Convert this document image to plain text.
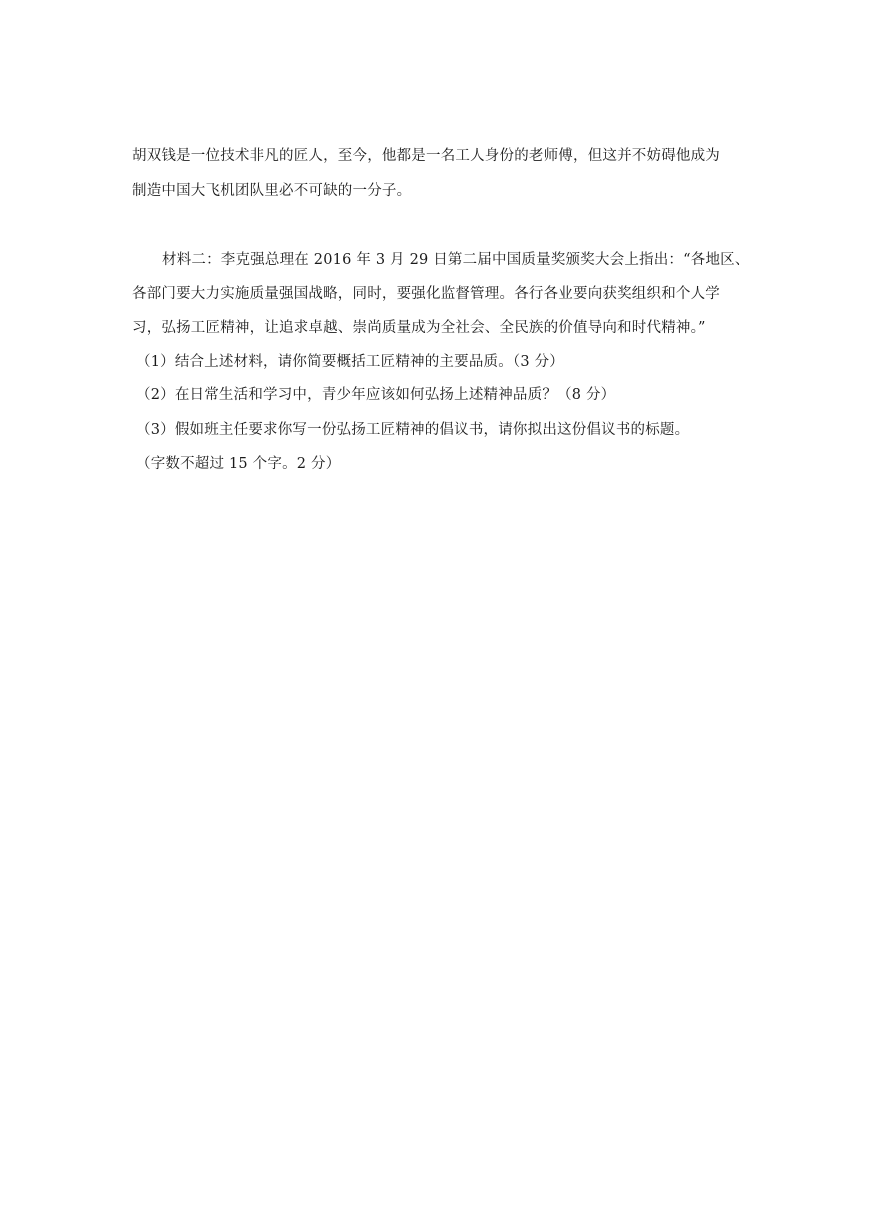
胡双钱是一位技术非凡的匠人，至今，他都是一名工人身份的老师傅，但这并不妨碍他成为
制造中国大飞机团队里必不可缺的一分子。
材料二：李克强总理在 2016 年 3 月 29 日第二届中国质量奖颁奖大会上指出：“各地区、
各部门要大力实施质量强国战略，同时，要强化监督管理。各行各业要向获奖组织和个人学
习，弘扬工匠精神，让追求卓越、崇尚质量成为全社会、全民族的价值导向和时代精神。”
（1）结合上述材料，请你简要概括工匠精神的主要品质。（3 分）
（2）在日常生活和学习中，青少年应该如何弘扬上述精神品质？（8 分）
（3）假如班主任要求你写一份弘扬工匠精神的倡议书，请你拟出这份倡议书的标题。
（字数不超过 15 个字。2 分）
